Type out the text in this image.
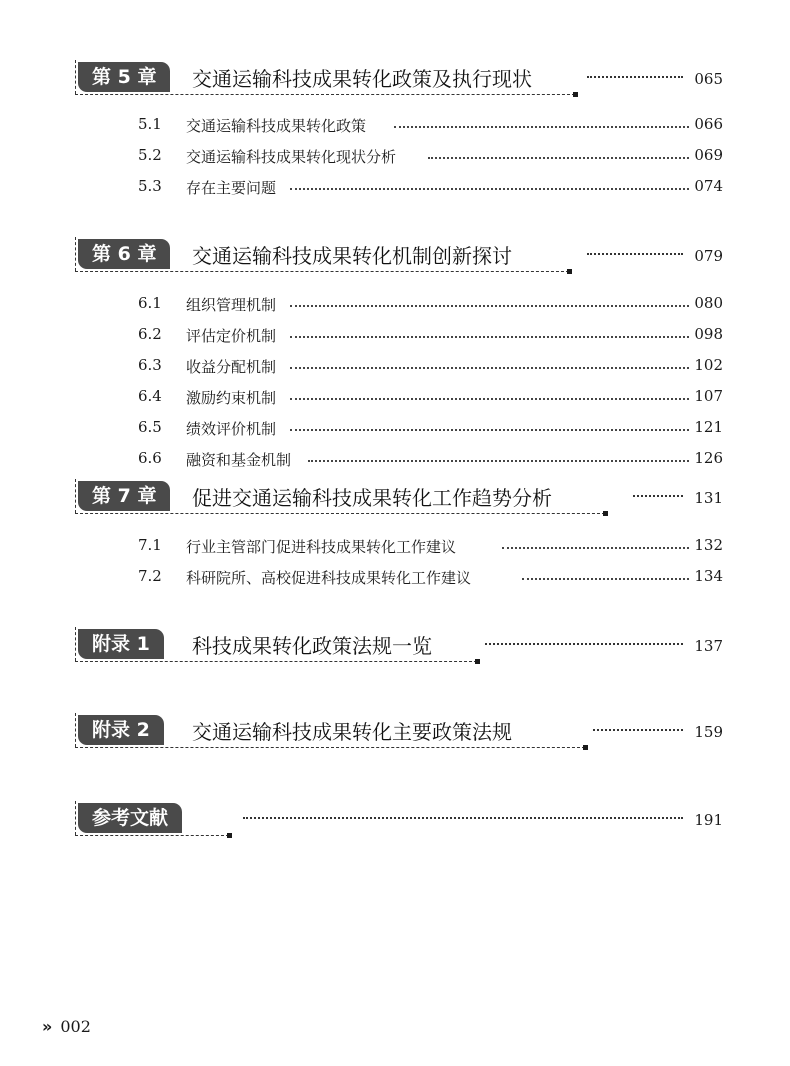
第 5 章	交通运输科技成果转化政策及执行现状	065
5.1 交通运输科技成果转化政策	066
5.2 交通运输科技成果转化现状分析	069
5.3 存在主要问题	074
第 6 章	交通运输科技成果转化机制创新探讨	079
6.1 组织管理机制	080
6.2 评估定价机制	098
6.3 收益分配机制	102
6.4 激励约束机制	107
6.5 绩效评价机制	121
6.6 融资和基金机制	126
第 7 章	促进交通运输科技成果转化工作趋势分析	131
7.1 行业主管部门促进科技成果转化工作建议	132
7.2 科研院所、高校促进科技成果转化工作建议	134
附录 1	科技成果转化政策法规一览	137
附录 2	交通运输科技成果转化主要政策法规	159
参考文献	191
» 002
